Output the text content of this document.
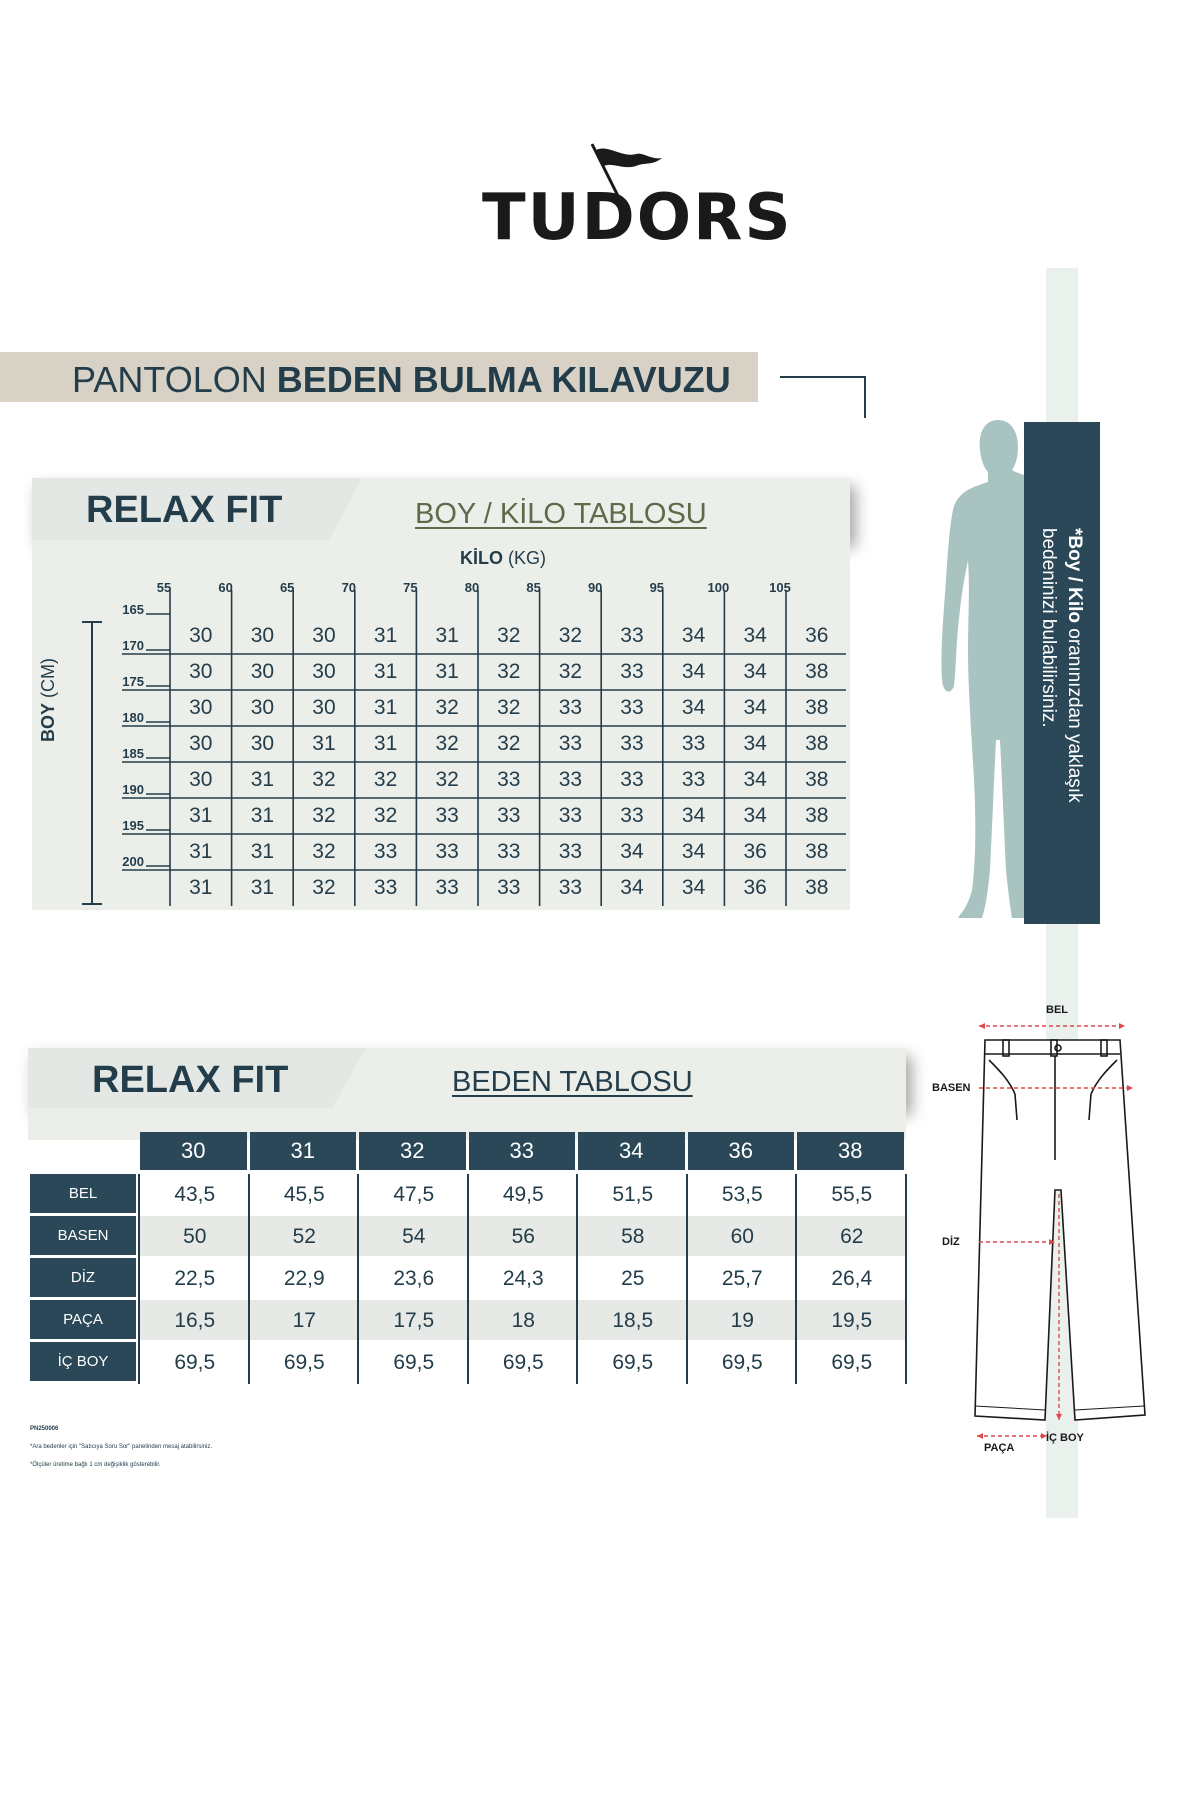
TUDORS
PANTOLON BEDEN BULMA KILAVUZU
RELAX FIT	BOY / KİLO TABLOSU
KİLO (KG)
55	60	65	70	75	80	85	90	95	100	105
165
170
175
180
185
190
195
200
BOY (CM)
30	30	30	31	31	32	32	33	34	34	36
30	30	30	31	31	32	32	33	34	34	38
30	30	30	31	32	32	33	33	34	34	38
30	30	31	31	32	32	33	33	33	34	38
30	31	32	32	32	33	33	33	33	34	38
31	31	32	32	33	33	33	33	34	34	38
31	31	32	33	33	33	33	34	34	36	38
31	31	32	33	33	33	33	34	34	36	38
RELAX FIT	BEDEN TABLOSU
30	31	32	33	34	36	38
BEL	43,5	45,5	47,5	49,5	51,5	53,5	55,5
BASEN	50	52	54	56	58	60	62
DİZ	22,5	22,9	23,6	24,3	25	25,7	26,4
PAÇA	16,5	17	17,5	18	18,5	19	19,5
İÇ BOY	69,5	69,5	69,5	69,5	69,5	69,5	69,5
PN250006
*Ara bedenler için "Satıcıya Soru Sor" panelinden mesaj atabilirsiniz.
*Ölçüler üretime bağlı 1 cm değişiklik gösterebilir.
*Boy / Kilo oranınızdan yaklaşık
bedeninizi bulabilirsiniz.
BEL
BASEN
DİZ
PAÇA
İÇ BOY
